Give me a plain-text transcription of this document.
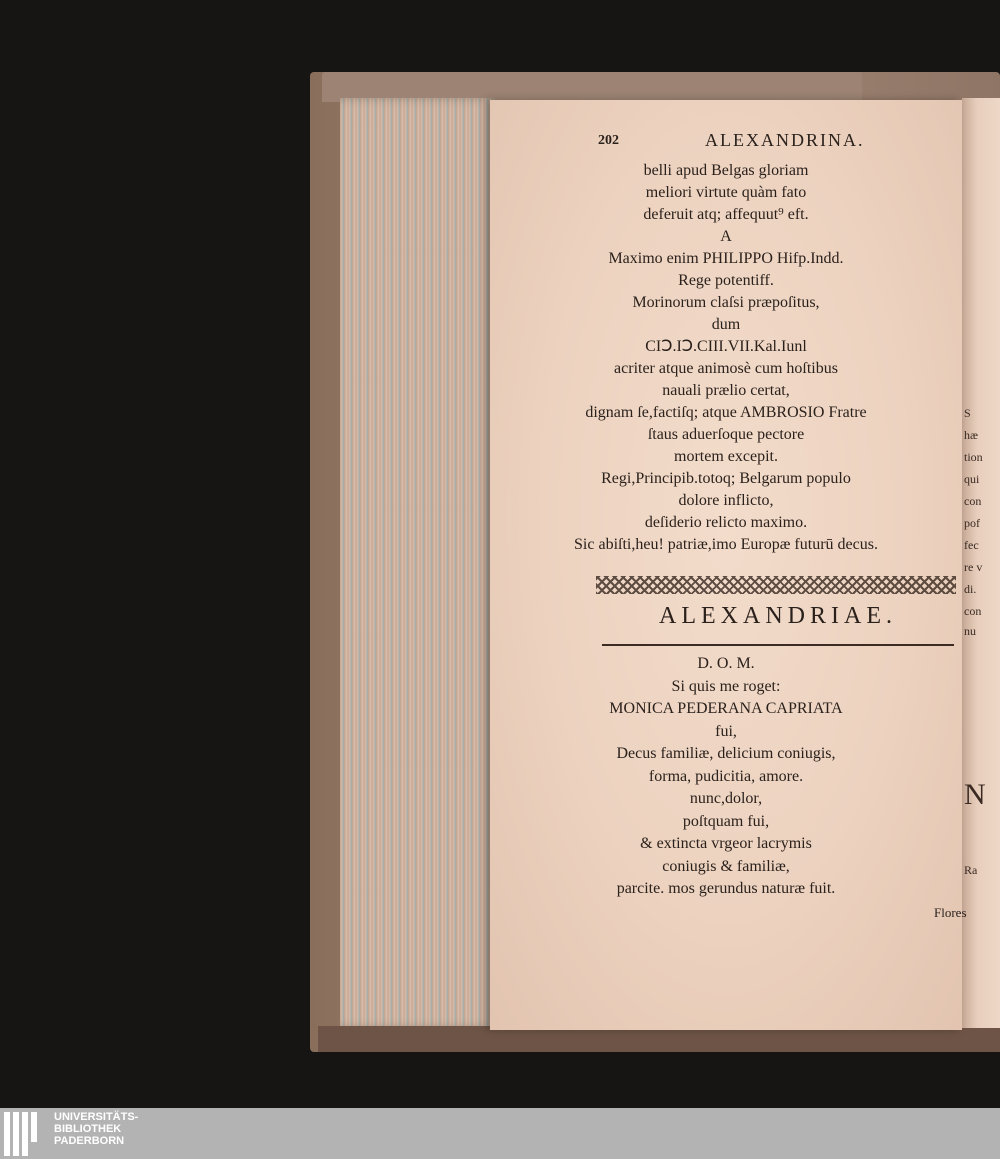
S
hæ
tion
qui
con
pof
fec
re v
di.
con
nu
N
Ra
belli apud Belgas gloriam
meliori virtute quàm fato
deferuit atq; affequut⁹ eft.
A
Maximo enim PHILIPPO Hifp.Indd.
Rege potentiff.
Morinorum claſsi præpoſitus,
dum
CIↃ.IↃ.CIII.VII.Kal.Iunl
acriter atque animosè cum hoſtibus
nauali prælio certat,
dignam ſe,factiſq; atque AMBROSIO Fratre
ſtaus aduerſoque pectore
mortem excepit.
Regi,Principib.totoq; Belgarum populo
dolore inflicto,
deſiderio relicto maximo.
Sic abiſti,heu! patriæ,imo Europæ futurū decus.
D. O. M.
Si quis me roget:
MONICA PEDERANA CAPRIATA
fui,
Decus familiæ, delicium coniugis,
forma, pudicitia, amore.
nunc,dolor,
poſtquam fui,
& extincta vrgeor lacrymis
coniugis & familiæ,
parcite. mos gerundus naturæ fuit.
202	ALEXANDRINA.
ALEXANDRIAE.
Flores
UNIVERSITÄTS-
BIBLIOTHEK
PADERBORN
